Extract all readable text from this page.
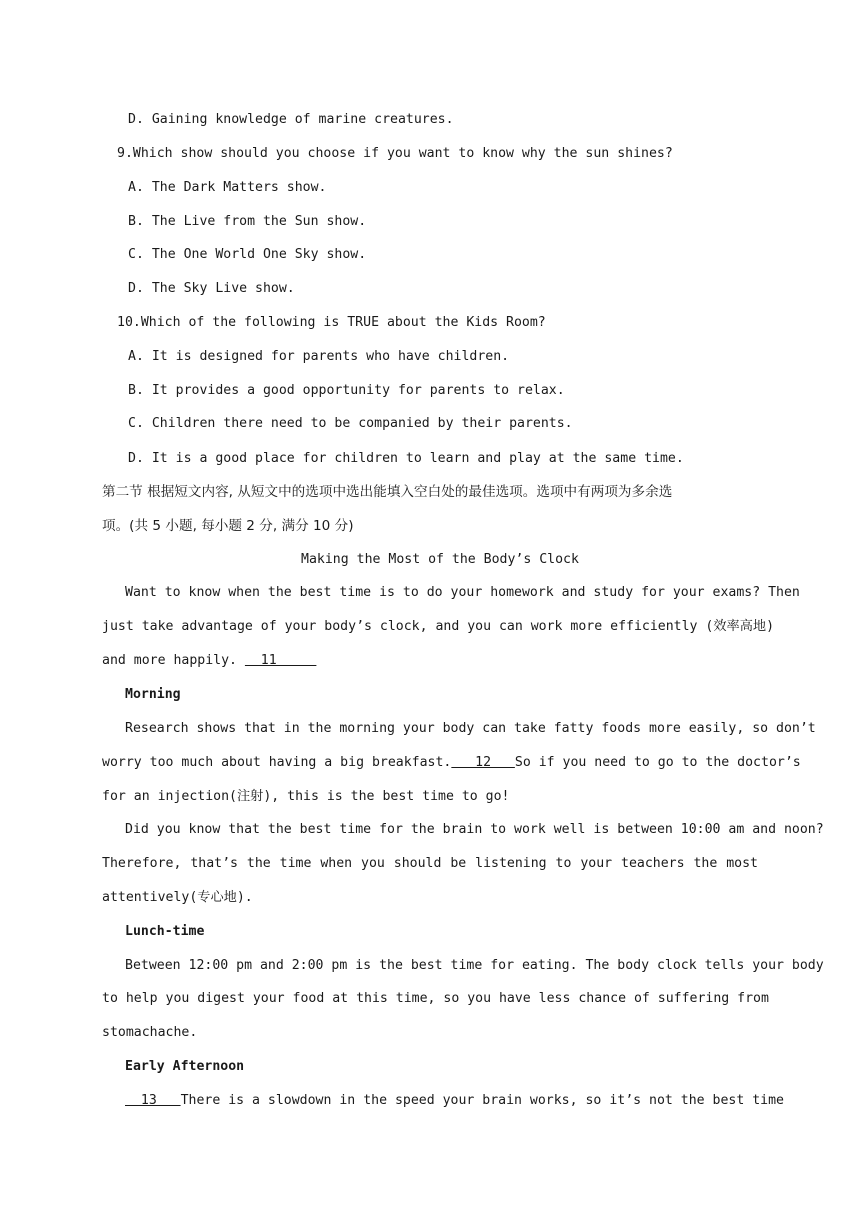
D. Gaining knowledge of marine creatures.
9.Which show should you choose if you want to know why the sun shines?
A. The Dark Matters show.
B. The Live from the Sun show.
C. The One World One Sky show.
D. The Sky Live show.
10.Which of the following is TRUE about the Kids Room?
A. It is designed for parents who have children.
B. It provides a good opportunity for parents to relax.
C. Children there need to be companied by their parents.
D. It is a good place for children to learn and play at the same time.
第二节 根据短文内容, 从短文中的选项中选出能填入空白处的最佳选项。选项中有两项为多余选
项。(共 5 小题, 每小题 2 分, 满分 10 分)
Making the Most of the Body’s Clock
Want to know when the best time is to do your homework and study for your exams? Then
just take advantage of your body’s clock, and you can work more efficiently (效率高地)
and more happily.   11
Morning
Research shows that in the morning your body can take fatty foods more easily, so don’t
worry too much about having a big breakfast.   12   So if you need to go to the doctor’s
for an injection(注射), this is the best time to go!
Did you know that the best time for the brain to work well is between 10:00 am and noon?
Therefore, that’s the time when you should be listening to your teachers the most
attentively(专心地).
Lunch-time
Between 12:00 pm and 2:00 pm is the best time for eating. The body clock tells your body
to help you digest your food at this time, so you have less chance of suffering from
stomachache.
Early Afternoon
13   There is a slowdown in the speed your brain works, so it’s not the best time
